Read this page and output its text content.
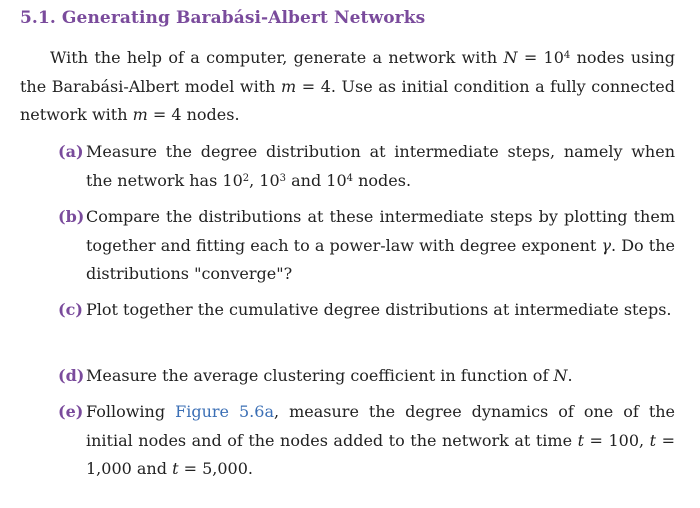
5.1. Generating Barabási-Albert Networks
With the help of a computer, generate a network with $N = 10^4$ nodes using the Barabási-Albert model with m = 4. Use as initial condition a fully connected network with m = 4 nodes.
(a) Measure the degree distribution at intermediate steps, namely when the network has $10^2$, $10^3$ and $10^4$ nodes.
(b) Compare the distributions at these intermediate steps by plotting them together and fitting each to a power-law with degree exponent γ. Do the distributions "converge"?
(c) Plot together the cumulative degree distributions at intermediate steps.
(d) Measure the average clustering coefficient in function of N.
(e) Following Figure 5.6a, measure the degree dynamics of one of the initial nodes and of the nodes added to the network at time t = 100, t = 1,000 and t = 5,000.
